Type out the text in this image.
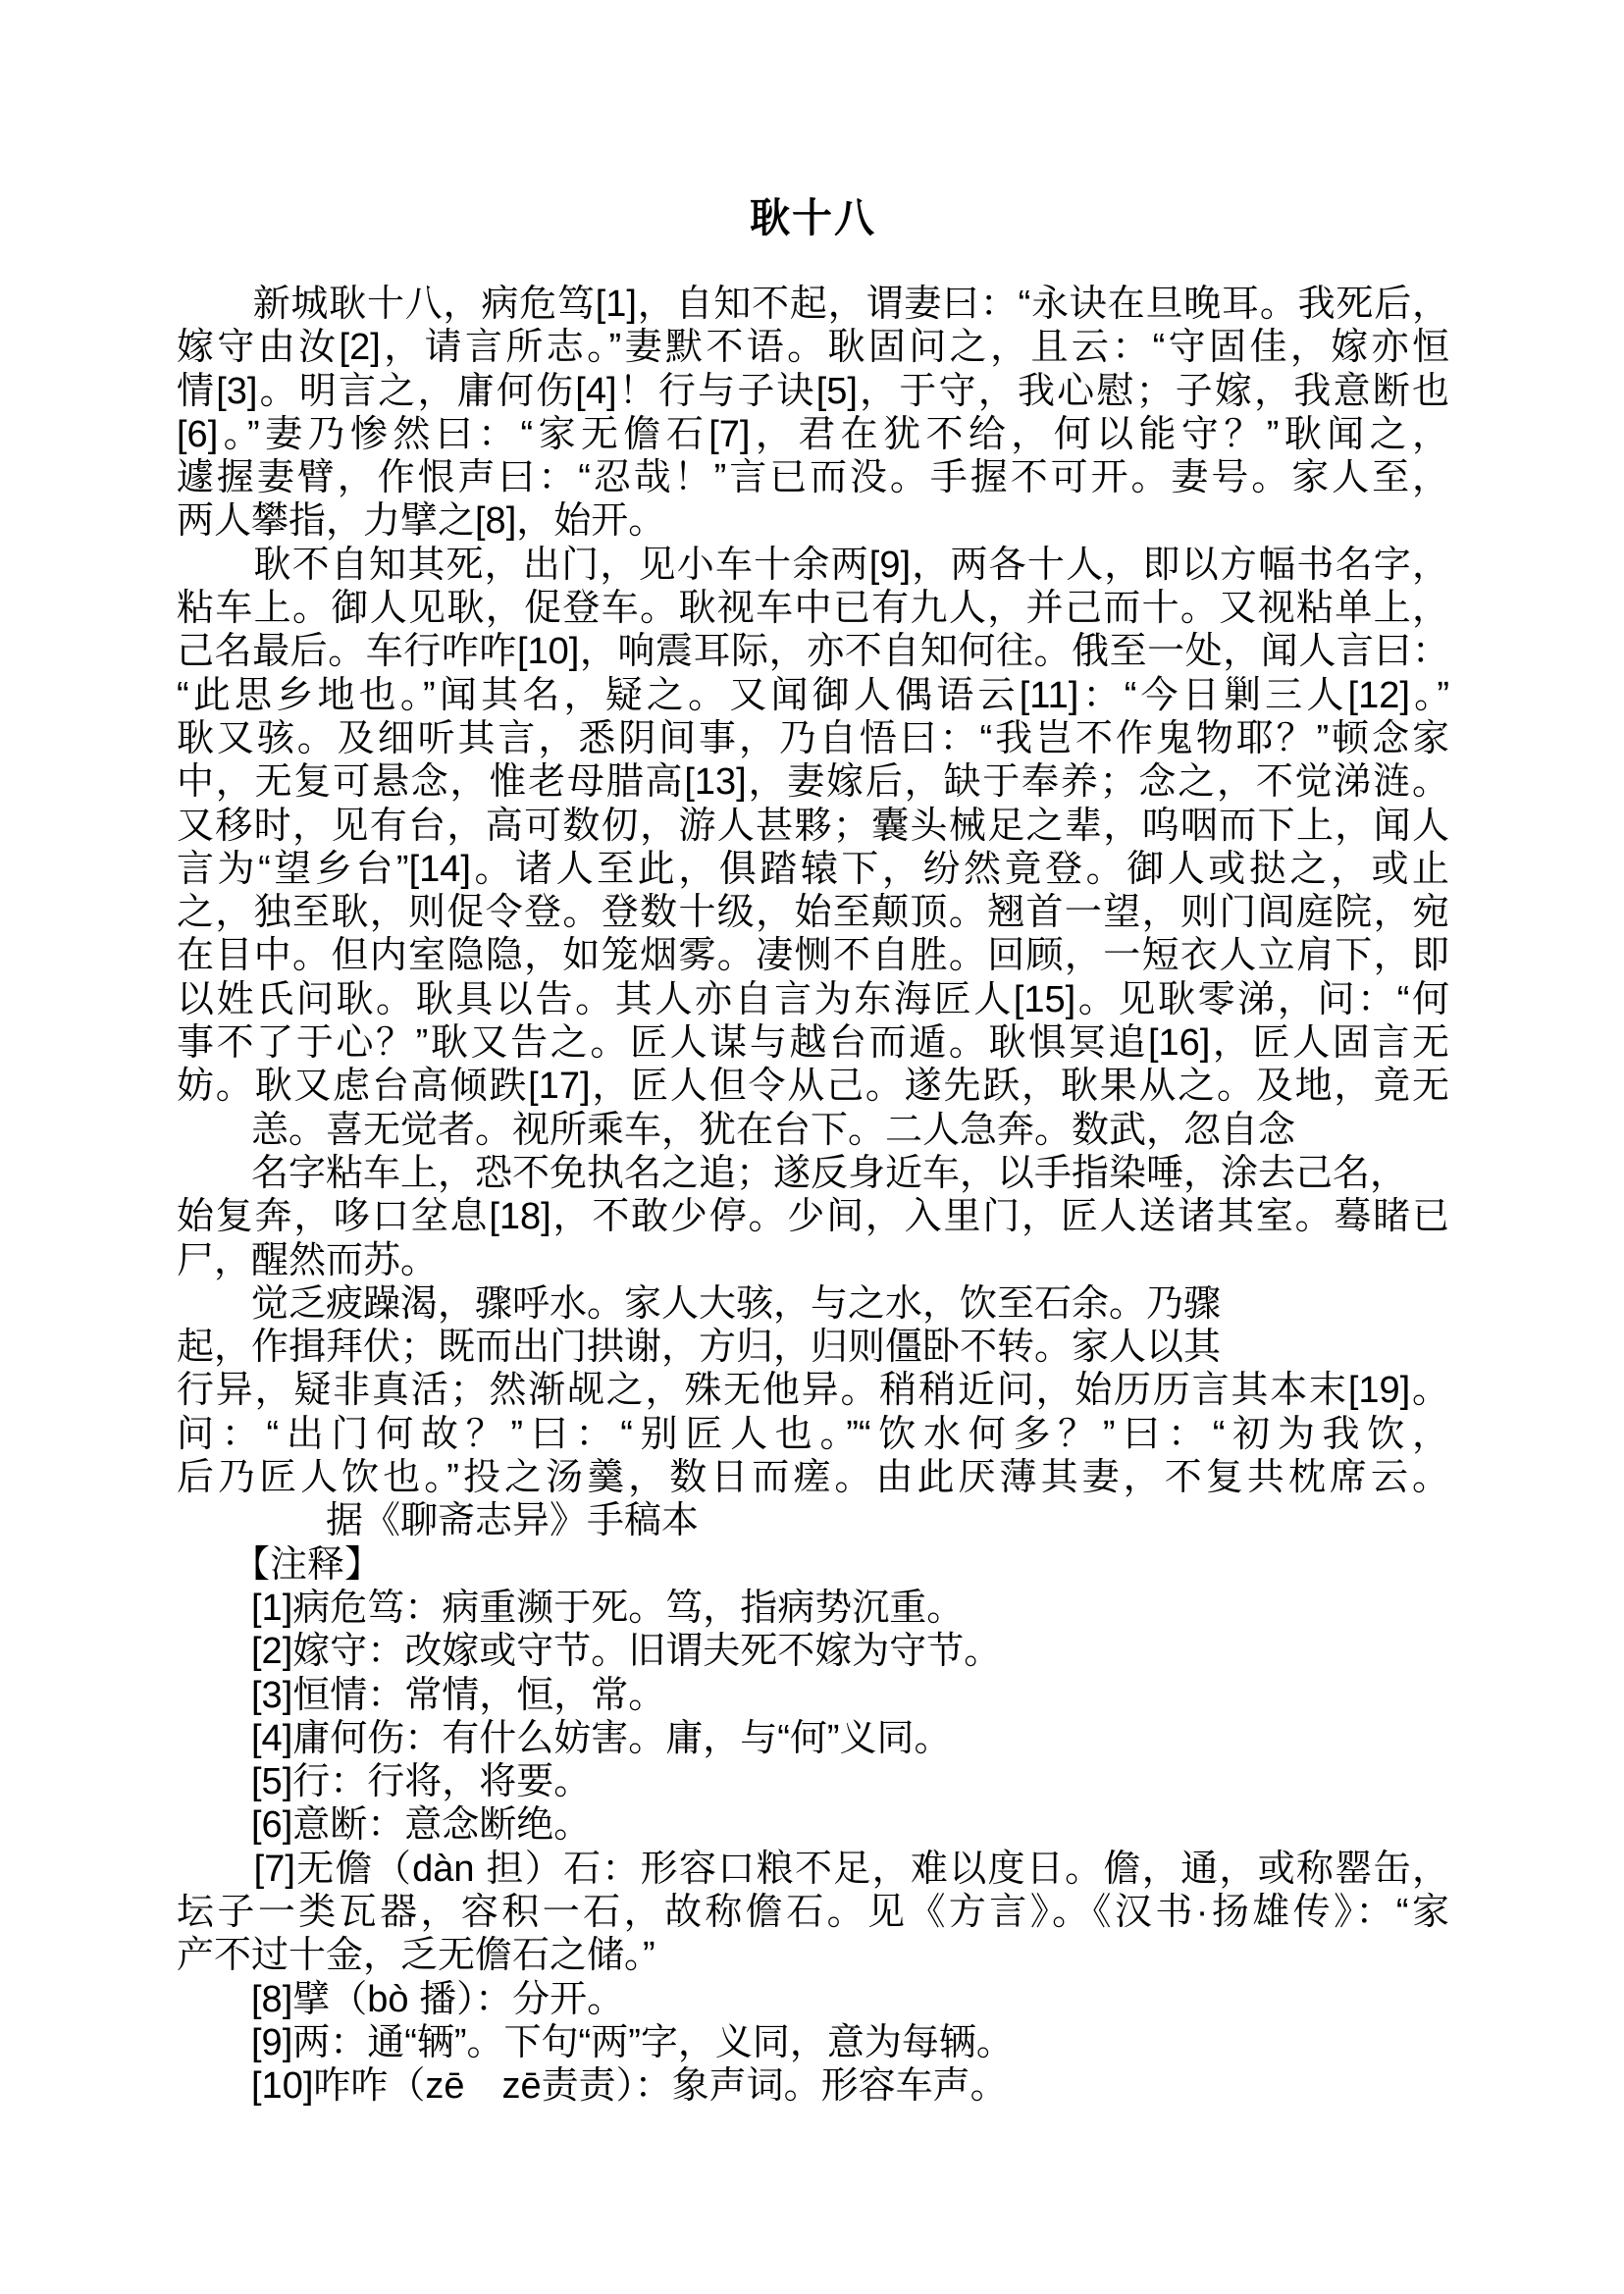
耿十八
　　新城耿十八，病危笃[1]，自知不起，谓妻曰：“永诀在旦晚耳。我死后，
嫁守由汝[2]，请言所志。”妻默不语。耿固问之，且云：“守固佳，嫁亦恒
情[3]。明言之，庸何伤[4]！行与子诀[5]，于守，我心慰；子嫁，我意断也
[6]。”妻乃惨然曰：“家无儋石[7]，君在犹不给，何以能守？”耿闻之，
遽握妻臂，作恨声曰：“忍哉！”言已而没。手握不可开。妻号。家人至，
两人攀指，力擘之[8]，始开。
　　耿不自知其死，出门，见小车十余两[9]，两各十人，即以方幅书名字，
粘车上。御人见耿，促登车。耿视车中已有九人，并己而十。又视粘单上，
己名最后。车行咋咋[10]，响震耳际，亦不自知何往。俄至一处，闻人言曰：
“此思乡地也。”闻其名，疑之。又闻御人偶语云[11]：“今日剿三人[12]。”
耿又骇。及细听其言，悉阴间事，乃自悟曰：“我岂不作鬼物耶？”顿念家
中，无复可悬念，惟老母腊高[13]，妻嫁后，缺于奉养；念之，不觉涕涟。
又移时，见有台，高可数仞，游人甚夥；囊头械足之辈，呜咽而下上，闻人
言为“望乡台”[14]。诸人至此，俱踏辕下，纷然竟登。御人或挞之，或止
之，独至耿，则促令登。登数十级，始至颠顶。翘首一望，则门闾庭院，宛
在目中。但内室隐隐，如笼烟雾。凄恻不自胜。回顾，一短衣人立肩下，即
以姓氏问耿。耿具以告。其人亦自言为东海匠人[15]。见耿零涕，问：“何
事不了于心？”耿又告之。匠人谋与越台而遁。耿惧冥追[16]，匠人固言无
妨。耿又虑台高倾跌[17]，匠人但令从己。遂先跃，耿果从之。及地，竟无
　　恙。喜无觉者。视所乘车，犹在台下。二人急奔。数武，忽自念
　　名字粘车上，恐不免执名之追；遂反身近车，以手指染唾，涂去己名，
始复奔，哆口坌息[18]，不敢少停。少间，入里门，匠人送诸其室。蓦睹已
尸，醒然而苏。
　　觉乏疲躁渴，骤呼水。家人大骇，与之水，饮至石余。乃骤
起，作揖拜伏；既而出门拱谢，方归，归则僵卧不转。家人以其
行异，疑非真活；然渐觇之，殊无他异。稍稍近问，始历历言其本末[19]。
问：“出门何故？”曰：“别匠人也。”“饮水何多？”曰：“初为我饮，
后乃匠人饮也。”投之汤羹，数日而瘥。由此厌薄其妻，不复共枕席云。
　　　　据《聊斋志异》手稿本
　　【注释】
　　[1]病危笃：病重濒于死。笃，指病势沉重。
　　[2]嫁守：改嫁或守节。旧谓夫死不嫁为守节。
　　[3]恒情：常情，恒，常。
　　[4]庸何伤：有什么妨害。庸，与“何”义同。
　　[5]行：行将，将要。
　　[6]意断：意念断绝。
　　[7]无儋（dàn 担）石：形容口粮不足，难以度日。儋，通，或称罂缶，
坛子一类瓦器，容积一石，故称儋石。见《方言》。《汉书·扬雄传》：“家
产不过十金，乏无儋石之储。”
　　[8]擘（bò 播）：分开。
　　[9]两：通“辆”。下句“两”字，义同，意为每辆。
　　[10]咋咋（zē　zē责责）：象声词。形容车声。
